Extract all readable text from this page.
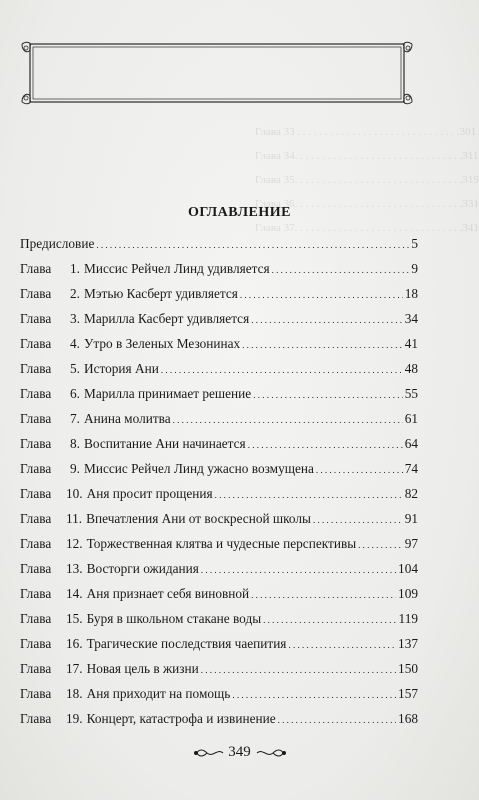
Глава 33 . . . . . . . . . . . . . . . . . . . . . . . . . . . . . .301
Глава 34. . . . . . . . . . . . . . . . . . . . . . . . . . . . . . .311
Глава 35. . . . . . . . . . . . . . . . . . . . . . . . . . . . . . .319
Глава 36. . . . . . . . . . . . . . . . . . . . . . . . . . . . . . .331
Глава 37. . . . . . . . . . . . . . . . . . . . . . . . . . . . . . .341
ОГЛАВЛЕНИЕ
Предисловие . . .	5
Глава 1. Миссис Рейчел Линд удивляется . . .	9
Глава 2. Мэтью Касберт удивляется . . .	18
Глава 3. Марилла Касберт удивляется . . .	34
Глава 4. Утро в Зеленых Мезонинах . . .	41
Глава 5. История Ани . . .	48
Глава 6. Марилла принимает решение . . .	55
Глава 7. Анина молитва . . .	61
Глава 8. Воспитание Ани начинается . . .	64
Глава 9. Миссис Рейчел Линд ужасно возмущена . . .	74
Глава 10. Аня просит прощения . . .	82
Глава 11. Впечатления Ани от воскресной школы . . .	91
Глава 12. Торжественная клятва и чудесные перспективы . . .	97
Глава 13. Восторги ожидания . . .	104
Глава 14. Аня признает себя виновной . . .	109
Глава 15. Буря в школьном стакане воды . . .	119
Глава 16. Трагические последствия чаепития . . .	137
Глава 17. Новая цель в жизни . . .	150
Глава 18. Аня приходит на помощь . . .	157
Глава 19. Концерт, катастрофа и извинение . . .	168
349
